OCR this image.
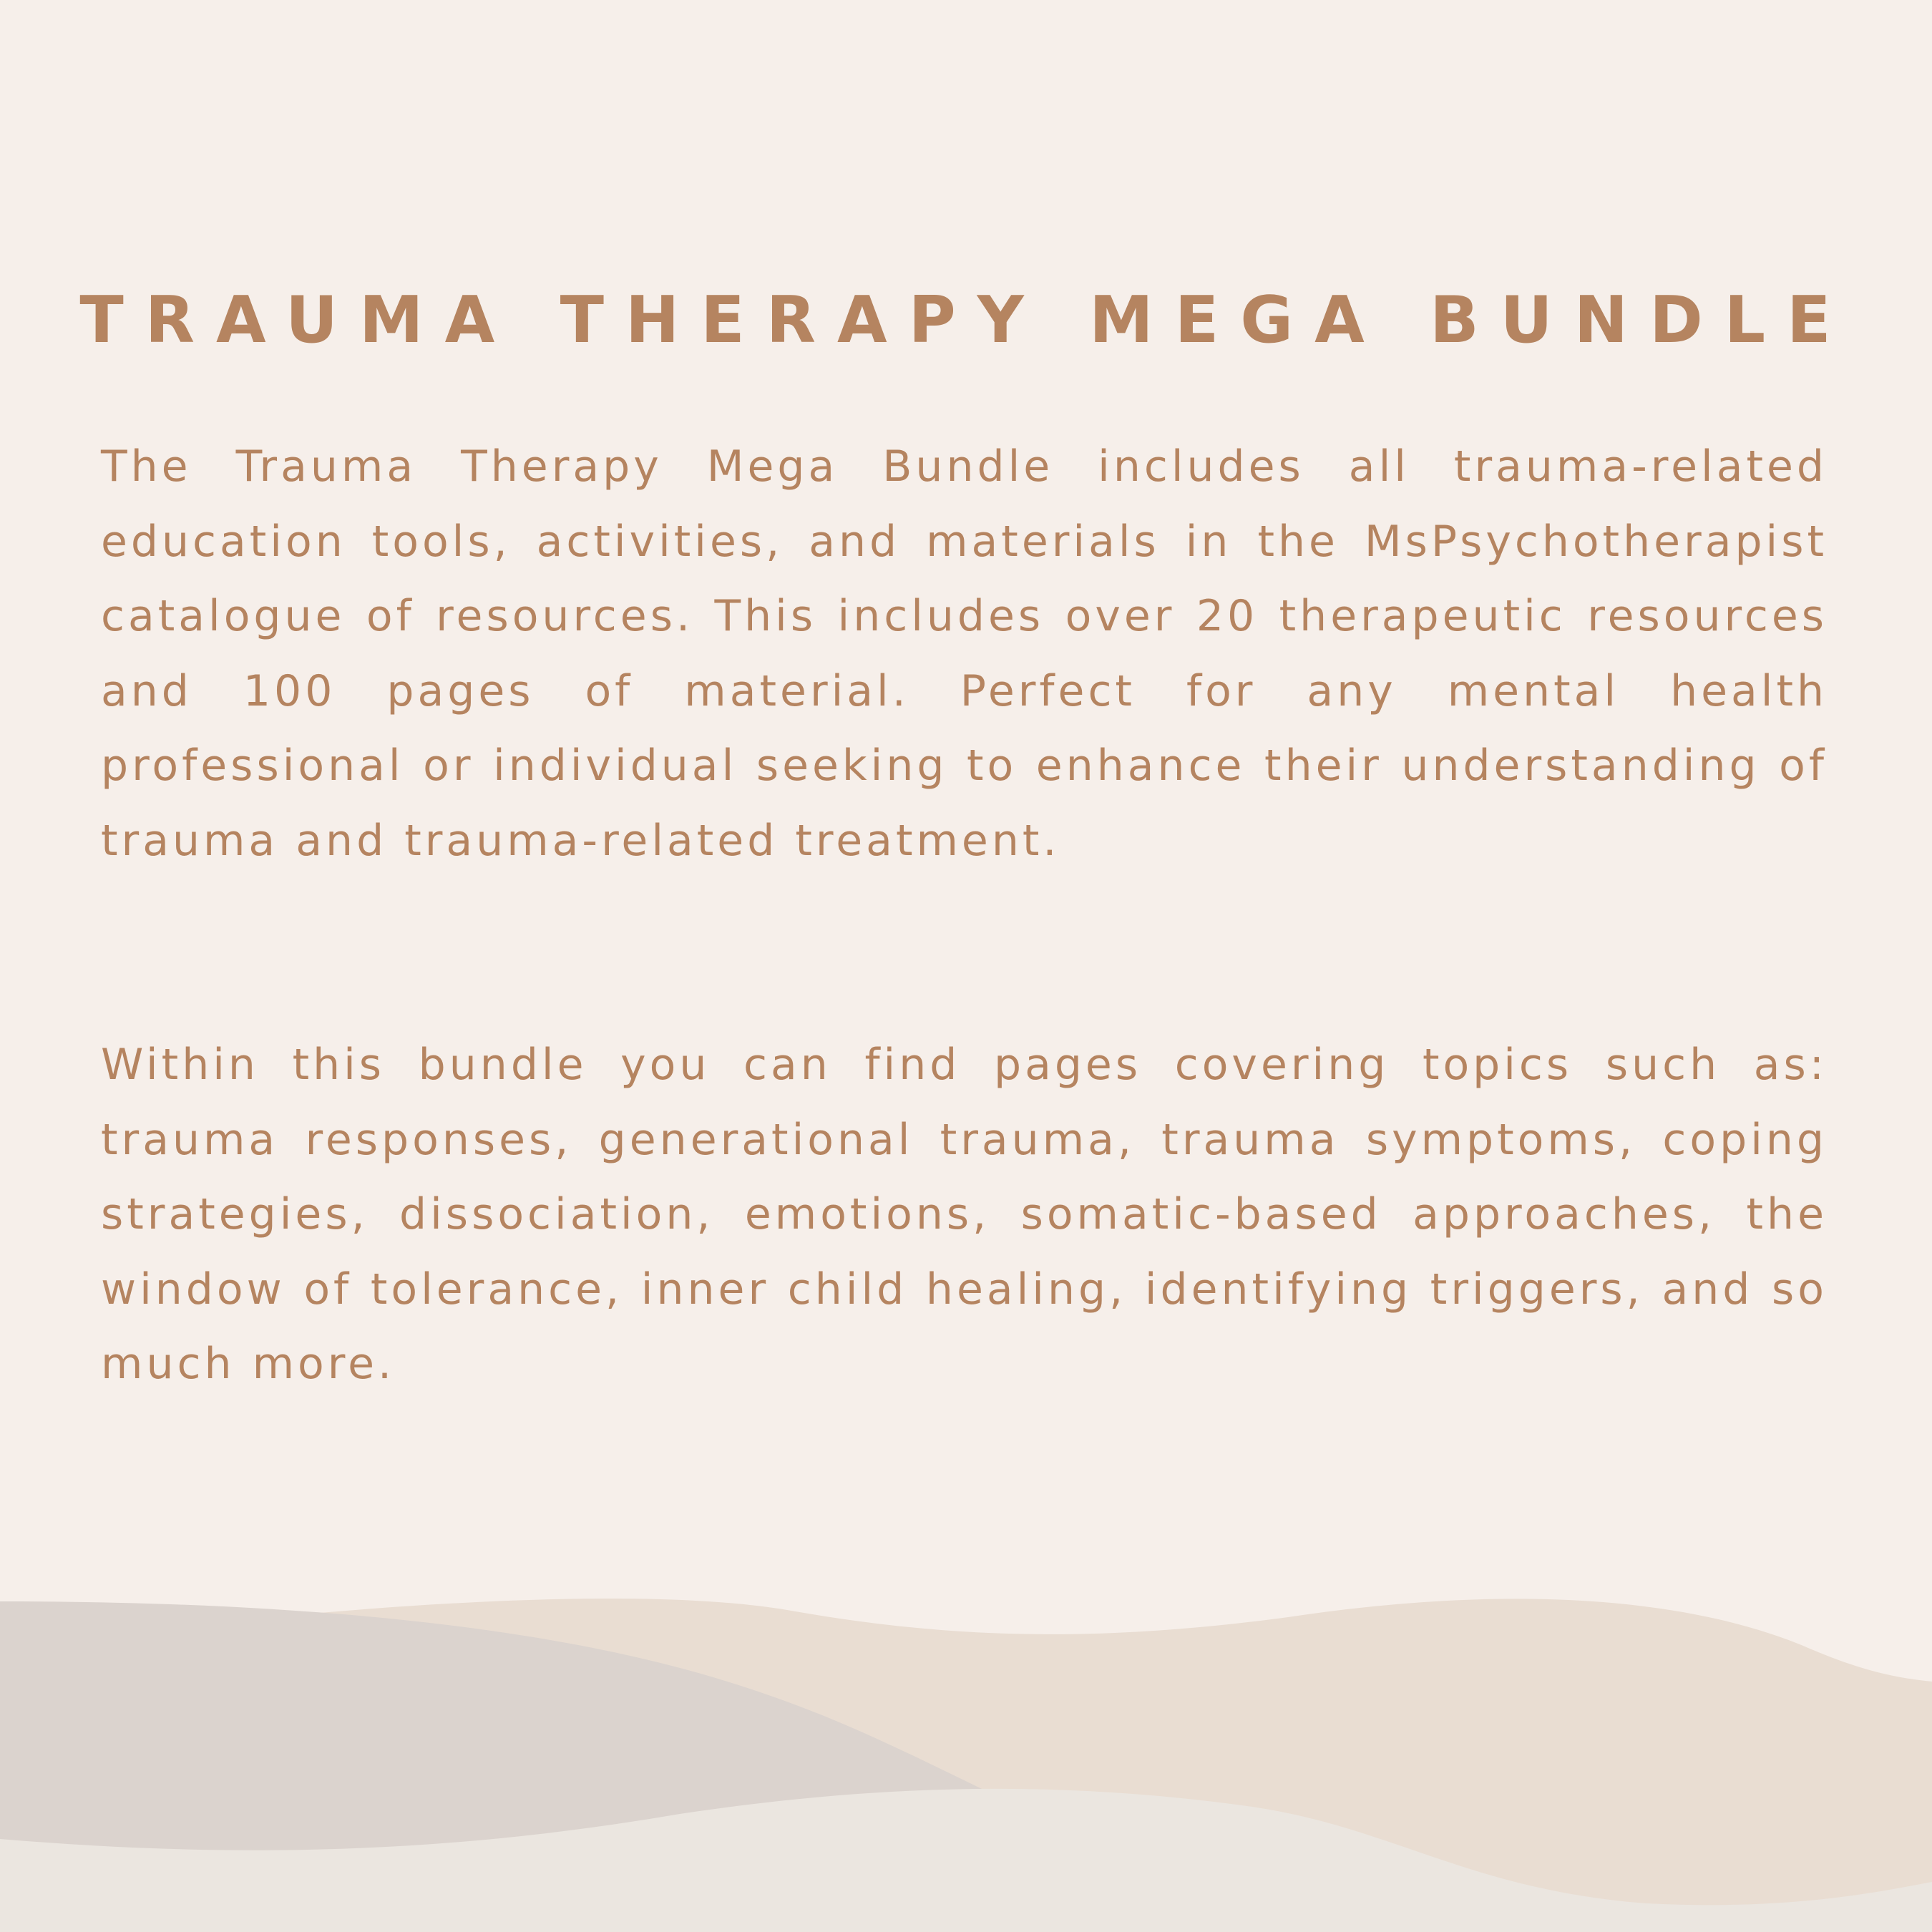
TRAUMA THERAPY MEGA BUNDLE

The Trauma Therapy Mega Bundle includes all trauma-related education tools, activities, and materials in the MsPsychotherapist catalogue of resources. This includes over 20 therapeutic resources and 100 pages of material. Perfect for any mental health professional or individual seeking to enhance their understanding of trauma and trauma-related treatment.

Within this bundle you can find pages covering topics such as: trauma responses, generational trauma, trauma symptoms, coping strategies, dissociation, emotions, somatic-based approaches, the window of tolerance, inner child healing, identifying triggers, and so much more.
